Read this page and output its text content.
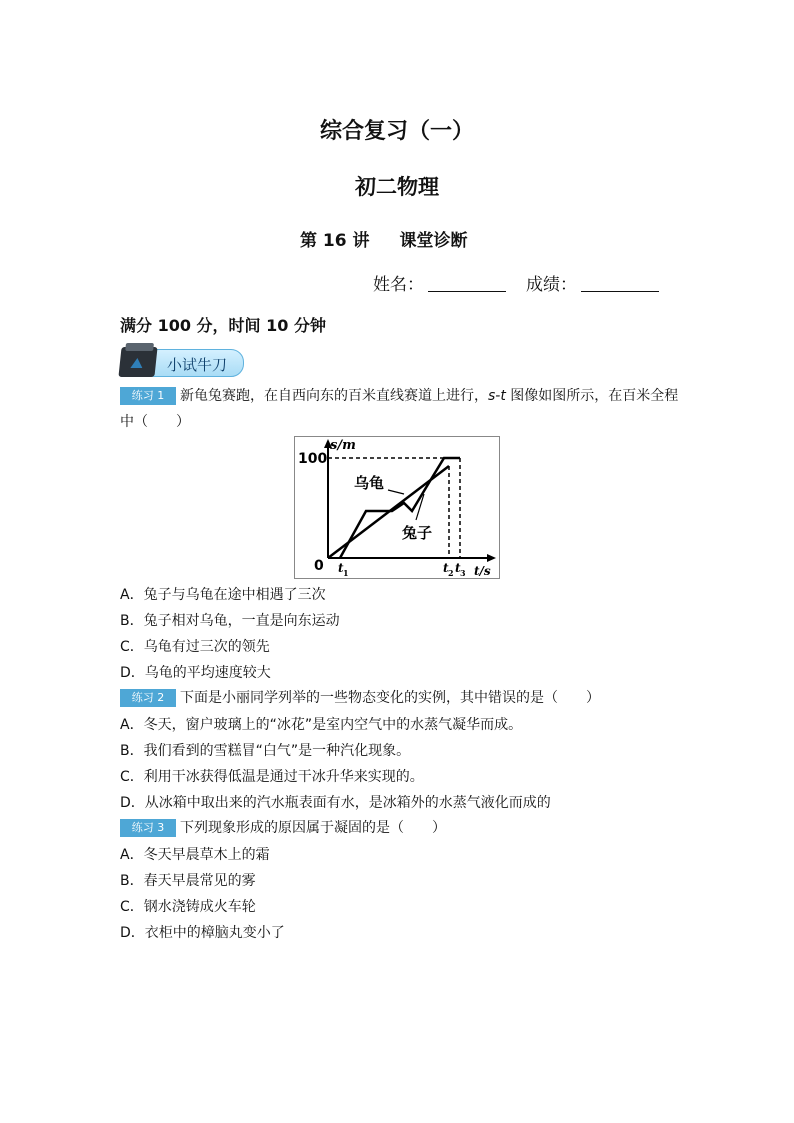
综合复习（一）
初二物理
第 16 讲 课堂诊断
姓名：	成绩：
满分 100 分，时间 10 分钟
小试牛刀
练习 1 新龟兔赛跑，在自西向东的百米直线赛道上进行，s-t 图像如图所示，在百米全程
中（　　）
s/m
100
0	t/s
t 1	t 2 t 3
乌龟
兔子
A．兔子与乌龟在途中相遇了三次
B．兔子相对乌龟，一直是向东运动
C．乌龟有过三次的领先
D．乌龟的平均速度较大
练习 2 下面是小丽同学列举的一些物态变化的实例，其中错误的是（　　）
A．冬天，窗户玻璃上的“冰花”是室内空气中的水蒸气凝华而成。
B．我们看到的雪糕冒“白气”是一种汽化现象。
C．利用干冰获得低温是通过干冰升华来实现的。
D．从冰箱中取出来的汽水瓶表面有水，是冰箱外的水蒸气液化而成的
练习 3 下列现象形成的原因属于凝固的是（　　）
A．冬天早晨草木上的霜
B．春天早晨常见的雾
C．钢水浇铸成火车轮
D．衣柜中的樟脑丸变小了
